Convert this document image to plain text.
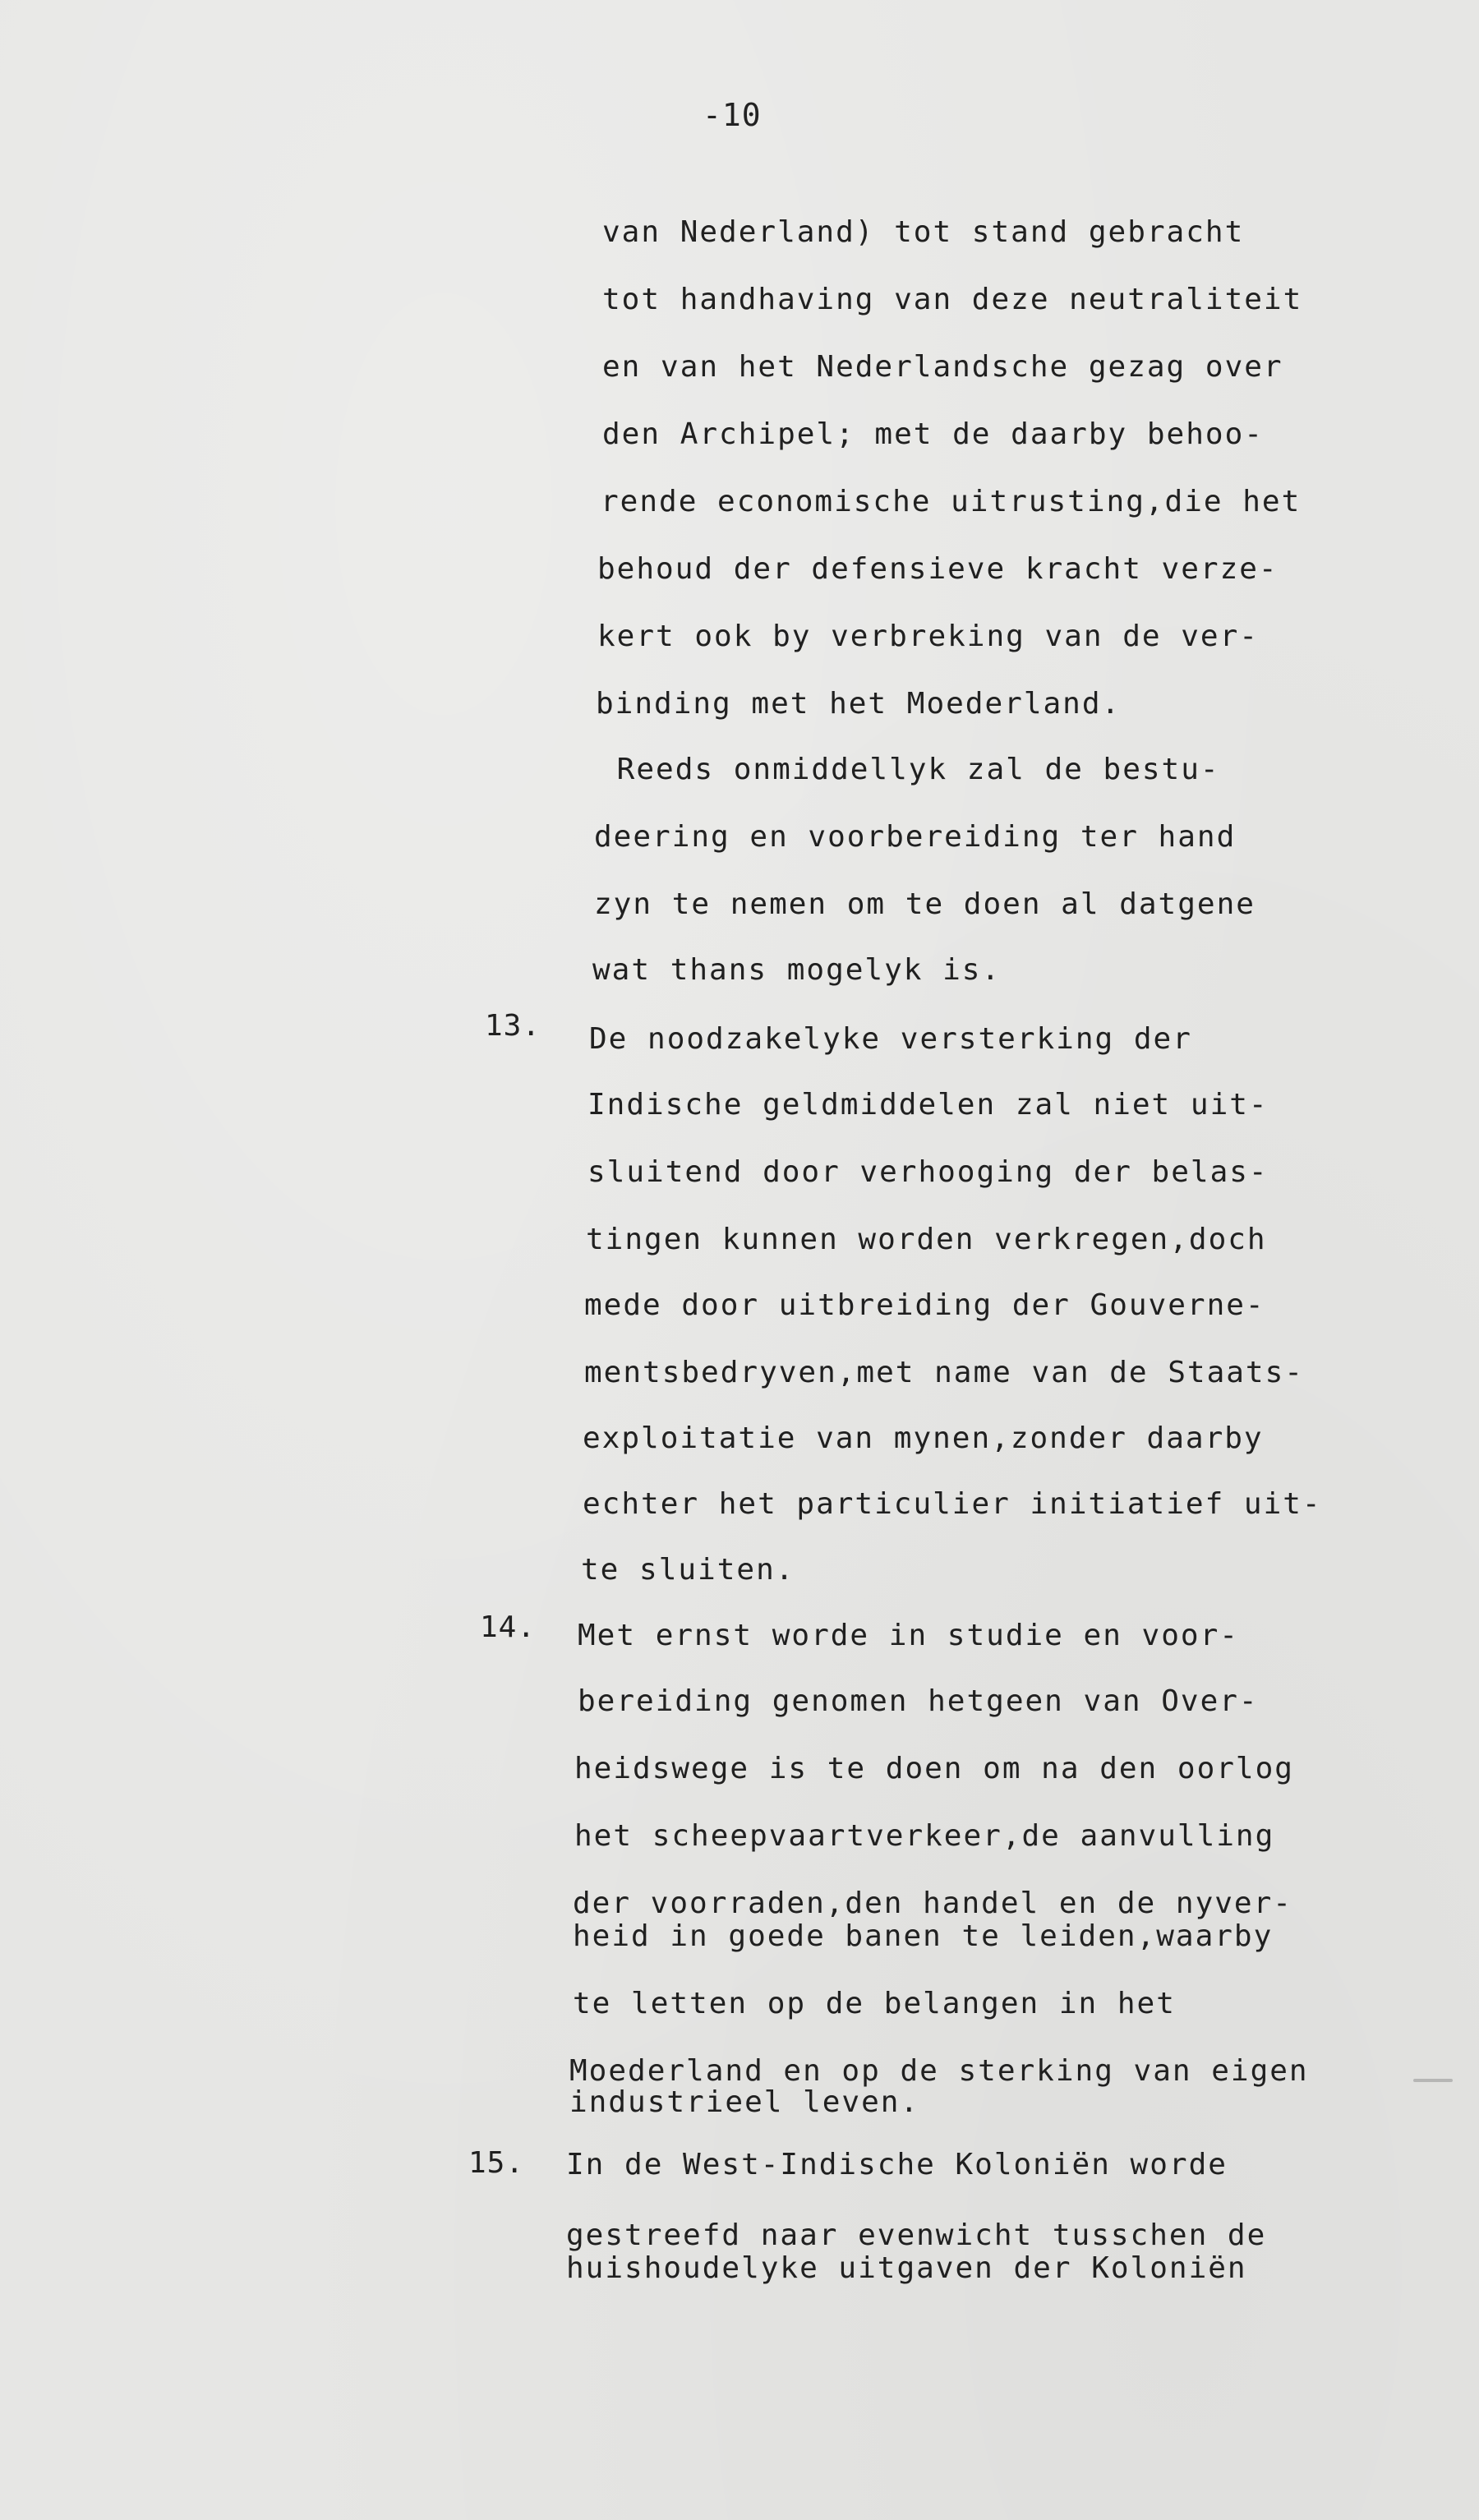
-10
van Nederland) tot stand gebracht
tot handhaving van deze neutraliteit
en van het Nederlandsche gezag over
den Archipel; met de daarby behoo-
rende economische uitrusting,die het
behoud der defensieve kracht verze-
kert ook by verbreking van de ver-
binding met het Moederland.
Reeds onmiddellyk zal de bestu-
deering en voorbereiding ter hand
zyn te nemen om te doen al datgene
wat thans mogelyk is.
13. De noodzakelyke versterking der
Indische geldmiddelen zal niet uit-
sluitend door verhooging der belas-
tingen kunnen worden verkregen,doch
mede door uitbreiding der Gouverne-
mentsbedryven,met name van de Staats-
exploitatie van mynen,zonder daarby
echter het particulier initiatief uit-
te sluiten.
14. Met ernst worde in studie en voor-
bereiding genomen hetgeen van Over-
heidswege is te doen om na den oorlog
het scheepvaartverkeer,de aanvulling
der voorraden,den handel en de nyver-
heid in goede banen te leiden,waarby
te letten op de belangen in het
Moederland en op de sterking van eigen
industrieel leven.
15. In de West-Indische Koloniën worde
gestreefd naar evenwicht tusschen de
huishoudelyke uitgaven der Koloniën
